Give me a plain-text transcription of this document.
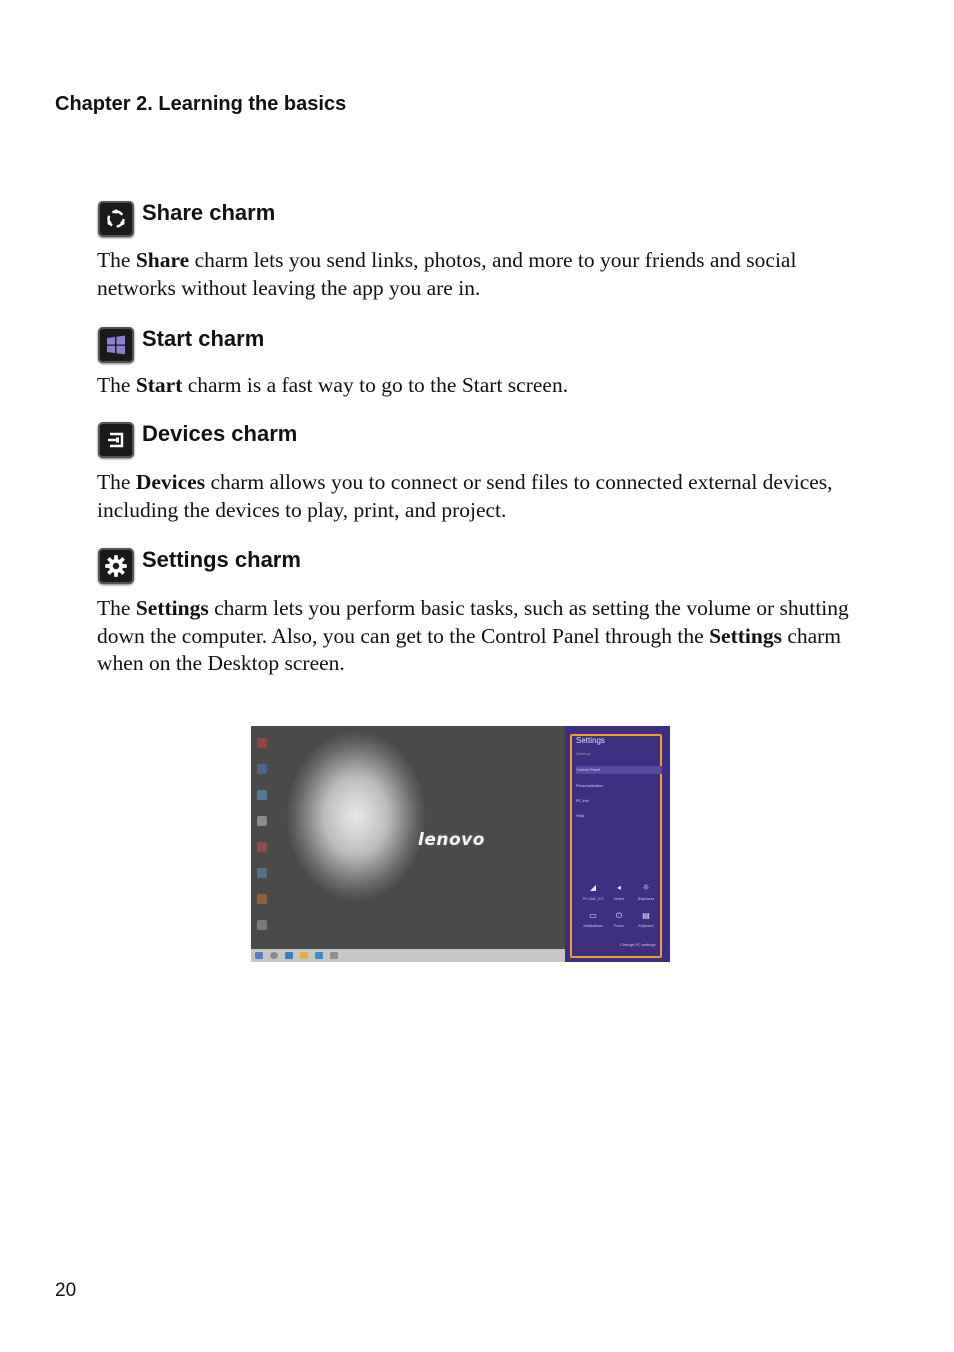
Chapter 2. Learning the basics
Share charm

The Share charm lets you send links, photos, and more to your friends and social networks without leaving the app you are in.

Start charm

The Start charm is a fast way to go to the Start screen.

Devices charm

The Devices charm allows you to connect or send files to connected external devices, including the devices to play, print, and project.

Settings charm

The Settings charm lets you perform basic tasks, such as setting the volume or shutting down the computer. Also, you can get to the Control Panel through the Settings charm when on the Desktop screen.

lenovo
Settings
Desktop
Control Panel
Personalization
PC info
Help
◢
TP-LINK_972
◂
Muted
☼
Brightness
▭
Notifications
⏻
Power
▤
Keyboard
Change PC settings
20
